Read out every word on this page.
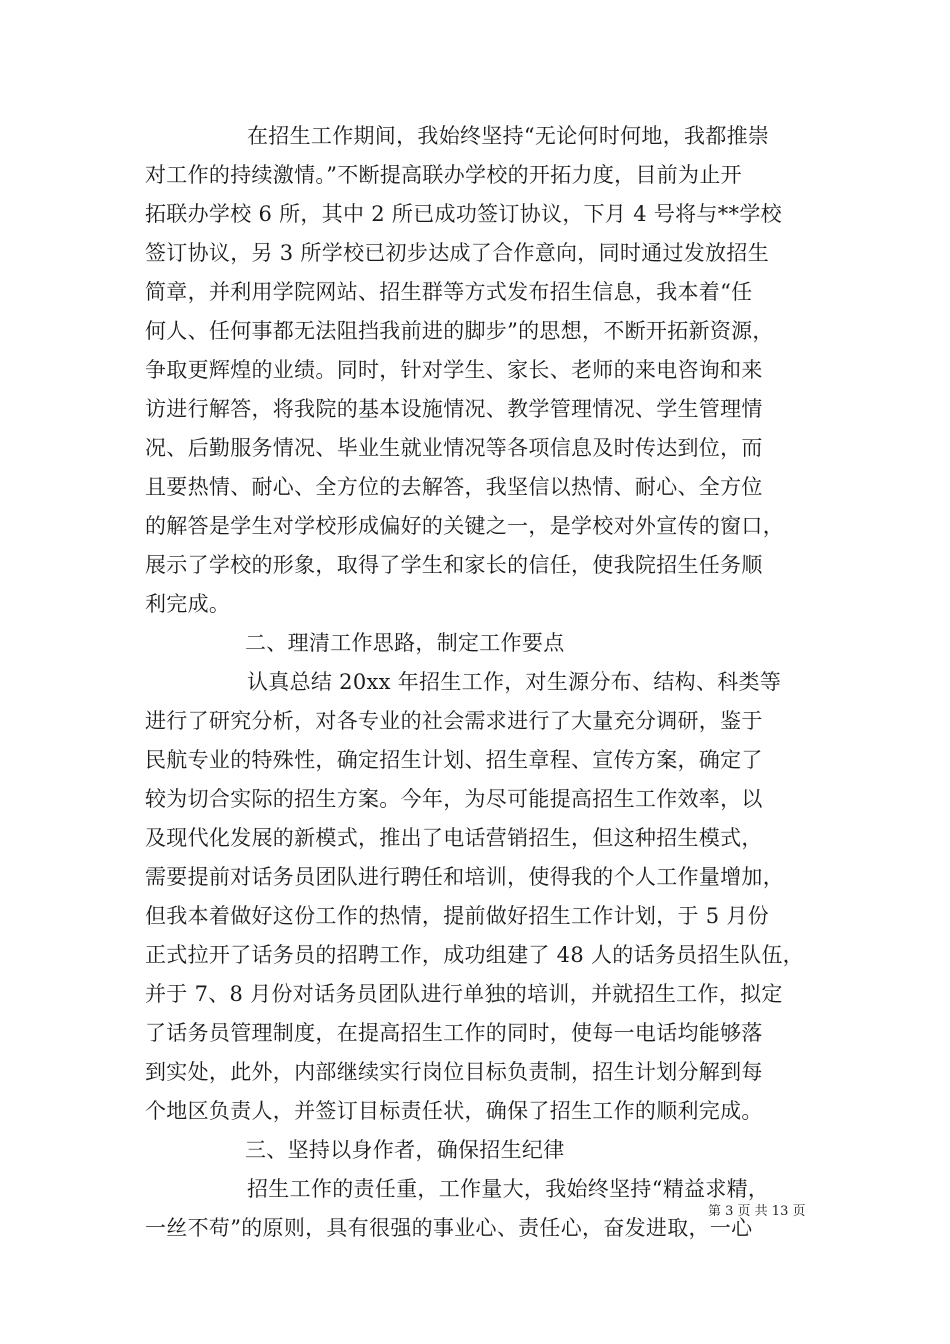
在招生工作期间，我始终坚持“无论何时何地，我都推崇
对工作的持续激情。”不断提高联办学校的开拓力度，目前为止开
拓联办学校 6 所，其中 2 所已成功签订协议，下月 4 号将与**学校
签订协议，另 3 所学校已初步达成了合作意向，同时通过发放招生
简章，并利用学院网站、招生群等方式发布招生信息，我本着“任
何人、任何事都无法阻挡我前进的脚步”的思想，不断开拓新资源，
争取更辉煌的业绩。同时，针对学生、家长、老师的来电咨询和来
访进行解答，将我院的基本设施情况、教学管理情况、学生管理情
况、后勤服务情况、毕业生就业情况等各项信息及时传达到位，而
且要热情、耐心、全方位的去解答，我坚信以热情、耐心、全方位
的解答是学生对学校形成偏好的关键之一，是学校对外宣传的窗口，
展示了学校的形象，取得了学生和家长的信任，使我院招生任务顺
利完成。
二、理清工作思路，制定工作要点
认真总结 20xx 年招生工作，对生源分布、结构、科类等
进行了研究分析，对各专业的社会需求进行了大量充分调研，鉴于
民航专业的特殊性，确定招生计划、招生章程、宣传方案，确定了
较为切合实际的招生方案。今年，为尽可能提高招生工作效率，以
及现代化发展的新模式，推出了电话营销招生，但这种招生模式，
需要提前对话务员团队进行聘任和培训，使得我的个人工作量增加，
但我本着做好这份工作的热情，提前做好招生工作计划，于 5 月份
正式拉开了话务员的招聘工作，成功组建了 48 人的话务员招生队伍，
并于 7、8 月份对话务员团队进行单独的培训，并就招生工作，拟定
了话务员管理制度，在提高招生工作的同时，使每一电话均能够落
到实处，此外，内部继续实行岗位目标负责制，招生计划分解到每
个地区负责人，并签订目标责任状，确保了招生工作的顺利完成。
三、坚持以身作者，确保招生纪律
招生工作的责任重，工作量大，我始终坚持“精益求精，
一丝不苟”的原则，具有很强的事业心、责任心，奋发进取，一心
第 3 页 共 13 页
